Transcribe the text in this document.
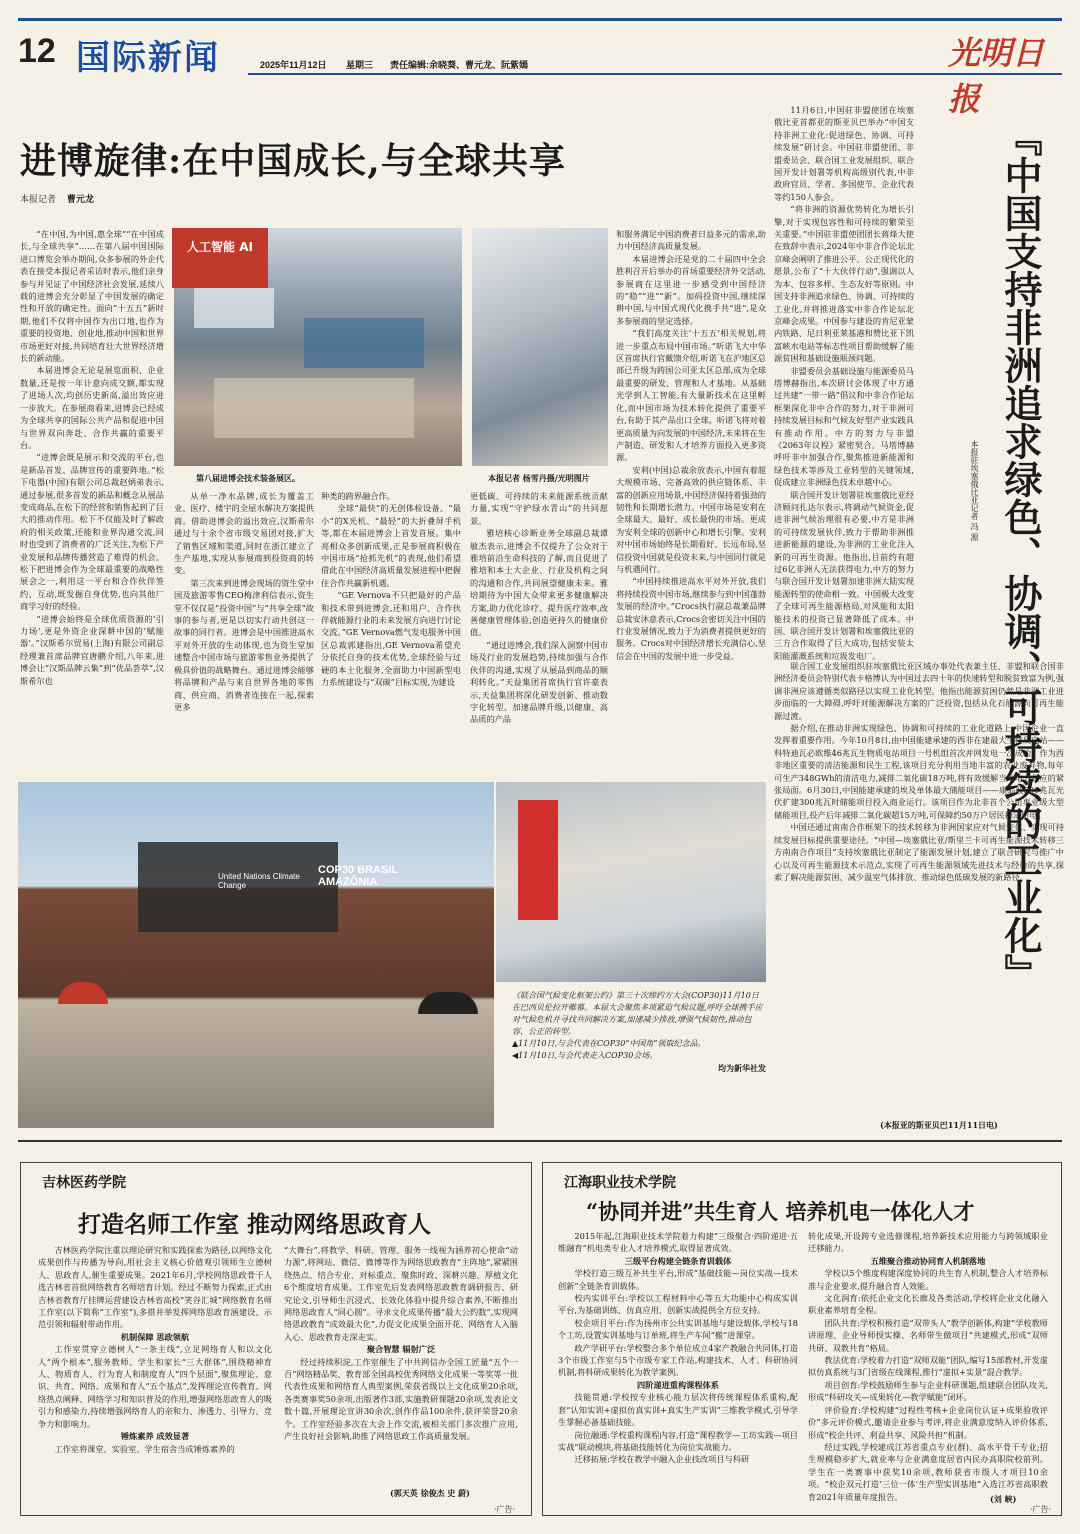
12 国际新闻	2025年11月12日 星期三 责任编辑:余晓葵、曹元龙、阮紫嫣	光明日报
进博旋律:在中国成长,与全球共享
本报记者 曹元龙

“在中国,为中国,惠全球”“在中国成长,与全球共享”……在第八届中国国际进口博览会举办期间,众多参展的外企代表在接受本报记者采访时表示,他们亲身参与并见证了中国经济社会发展,延续八载的进博会充分彰显了中国发展的确定性和开放的确定性。面向“十五五”新时期,他们不仅将中国作为出口地,也作为重要的投资地、创业地,推动中国和世界市场更好对接,共同培育壮大世界经济增长的新动能。

本届进博会无论是展览面积、企业数量,还是按一年计意向成交额,都实现了进场人次,均创历史新高,溢出效应进一步放大。在参展商看来,进博会已经成为全球共享的国际公共产品和促进中国与世界双向奔赴、合作共赢的重要平台。

“进博会既是展示和交流的平台,也是新品首发、品牌宣传的重要阵地。”松下电器(中国)有限公司总裁赵炳弟表示,通过参展,很多首发的新品和概念从展品变成商品,在松下的经营和销售起到了巨大的推动作用。松下不仅能及时了解政府的相关政策,还能和业界沟通交流,同时也受到了消费者的广泛关注,为松下产业发展和品牌传播营造了难得的机会。松下把进博会作为全球最重要的战略性展会之一,利用这一平台和合作伙伴签约、互动,既发掘自身优势,也向其他厂商学习好的经验。

“进博会始终是全球优质资源的‘引力场’,更是外资企业深耕中国的‘赋能器’。”汉斯希尔贸易(上海)有限公司副总经理兼首席品牌官唐鹏介绍,八年来,进博会让“汉斯品牌云集”到“优品荟萃”,汉斯希尔也

第八届进博会技术装备展区。
人工智能 AI
本报记者 杨雪丹摄/光明图片

从单一净水品牌,成长为覆盖工业、医疗、楼宇的全屋水解决方案提供商。借助进博会的溢出效应,汉斯希尔通过与十余个省市级交易团对接,扩大了销售区域和渠道,同时在浙江建立了生产基地,实现从参展商到投资商的转变。

第三次来到进博会现场的资生堂中国及旅游零售CEO梅津利信表示,资生堂不仅仅是“投资中国”与“共享全球”故事的参与者,更是以切实行动共创这一故事的同行者。进博会是中国推进高水平对外开放的生动体现,也为资生堂加速整合中国市场与旅游零售业务提供了极具价值的战略舞台。通过进博会能够将品牌和产品与来自世界各地的零售商、供应商、消费者连接在一起,探索更多

种类的跨界融合作。

全球“最快”的无创体检设备、“最小”的X光机、“最轻”的大折叠屏手机等,都在本届进博会上首发首展。集中亮相众多创新成果,正是参展商积极在中国市场“抢抓先机”的表现,他们希望借此在中国经济高质量发展进程中把握住合作共赢新机遇。

“GE Vernova不只把最好的产品和技术带到进博会,还和用户、合作伙伴就能源行业的未来发展方向进行讨论交流。”GE Vernova燃气发电服务中国区总裁郭建指出,GE Vernova希望充分依托自身的技术优势,全球经验与过硬的本土化服务,全面助力中国新型电力系统建设与“双碳”目标实现,为建设

更低碳、可持续的未来能源系统贡献力量,实现“守护绿水青山”的共同愿景。

雅培核心诊断业务全球副总裁谭敏杰表示,进博会不仅提升了公众对于雅培前沿生命科技的了解,而且促进了雅培和本土大企业、行业及机构之间的沟通和合作,共同展望健康未来。雅培期待为中国大众带来更多健康解决方案,助力优化诊疗、提升医疗效率,改善健康管理体验,创造更持久的健康价值。

“通过进博会,我们深入洞察中国市场及行业的发展趋势,持续加强与合作伙伴的沟通,实现了从展品到商品的顺利转化。”天益集团首席执行官许豪表示,天益集团将深化研发创新、推动数字化转型、加速品牌升级,以健康、高品质的产品

和服务满足中国消费者日益多元的需求,助力中国经济高质量发展。

本届进博会还是党的二十届四中全会胜利召开后举办的首场重要经济外交活动,参展商在这里进一步感受到中国经济的“稳”“进”“新”。加码投资中国,继续深耕中国,与中国式现代化携手共“进”,是众多参展商的坚定选择。

“我们高度关注‘十五五’相关规划,将进一步重点布局中国市场。”昕诺飞大中华区首席执行官戴馈介绍,昕诺飞在沪地区总部已升级为跨国公司亚太区总部,成为全球最重要的研发、管理和人才基地。从基础光学到人工智能,有大量新技术在这里孵化,而中国市场为技术转化提供了重要平台,有助于其产品出口全球。昕诺飞将对着更高质量为向发展的中国经济,未来将在生产制造、研发和人才培养方面投入更多资源。

安利(中国)总裁余放表示,中国有着超大规模市场、完备高效的供应链体系、丰富的创新应用场景,中国经济保持着强劲的韧性和长期增长潜力。中国市场是安利在全球最大、最好、成长最快的市场。更成为安利全球的创新中心和增长引擎。安利对中国市场始终是长期看好、长远布局,坚信投资中国就是投资未来,与中国同行就是与机遇同行。

“中国持续推进高水平对外开放,我们将持续投资中国市场,继续参与到中国蓬勃发展的经济中。”Crocs执行副总裁兼品牌总裁安沐意表示,Crocs会密切关注中国的行业发展情况,致力于为消费者提供更好的服务。Crocs对中国经济增长充满信心,坚信会在中国的发展中进一步受益。

United Nations Climate Change
COP30 BRASIL AMAZÔNIA
《联合国气候变化框架公约》第三十次缔约方大会(COP30)11月10日在巴西贝伦拉开帷幕。本届大会聚焦多项紧迫气候议题,呼吁全球携手应对气候危机并寻找共同解决方案,加速减少排放,增强气候韧性,推动包容、公正的转型。
▲11月10日,与会代表在COP30“中国角”领取纪念品。
◀11月10日,与会代表走入COP30会场。
均为新华社发

11月6日,中国驻非盟使团在埃塞俄比亚首都亚的斯亚贝巴举办“中国支持非洲工业化:促进绿色、协调、可持续发展”研讨会。中国驻非盟使团、非盟委员会、联合国工业发展组织、联合国开发计划署等机构高级别代表,中非政府官员、学者、多国使节、企业代表等约150人参会。

“将非洲的资源优势转化为增长引擎,对于实现包容性和可持续的繁荣至关重要。”中国驻非盟使团团长蒋烽大使在致辞中表示,2024年中非合作论坛北京峰会阐明了推进公平、公正现代化的愿景,公布了“十大伙伴行动”,强调以人为本、包容多样、生态友好等原则。中国支持非洲追求绿色、协调、可持续的工业化,并将推进落实中非合作论坛北京峰会成果。中国参与建设的肯尼亚蒙内铁路、尼日利亚莱基港和赞比亚下凯富峡水电站等标志性项目帮助缓解了能源贫困和基础设施瓶颈问题。

非盟委员会基础设施与能源委员马塔博赫指出,本次研讨会体现了中方通过共建“一带一路”倡议和中非合作论坛框架深化非中合作的努力,对于非洲可持续发展目标和气候友好型产业实践具有推动作用。中方的努力与非盟《2063年议程》紧密契合。马塔博赫呼吁非中加强合作,聚焦推进新能源和绿色技术等涉及工业转型的关键领域,促成建立非洲绿色技术卓越中心。

联合国开发计划署驻埃塞俄比亚经济顾问扎达尔表示,将调动气候资金,促进非洲气候治理很有必要,中方是非洲的可持续发展伙伴,致力于帮助非洲推进新能源的建设,为非洲的工业化注入新的可再生资源。他指出,目前约有超过6亿非洲人无法获得电力,中方的努力与联合国开发计划署加速非洲大陆实现能源转型的使命相一致。中国极大改变了全球可再生能源格局,对风能和太阳能技术的投资已显著降低了成本。中国、联合国开发计划署和埃塞俄比亚的三方合作取得了巨大成功,包括安装太阳能灌溉系统和垃圾发电厂。	『中国支持非洲追求绿色、协调、可持续的工业化』
本报驻埃塞俄比亚记者 冯 源

联合国工业发展组织驻埃塞俄比亚区域办事处代表兼主任、非盟和联合国非洲经济委员会特别代表卡格博认为中国过去四十年的快速转型和脱贫致富为例,强调非洲应该遵循类似路径以实现工业化转型。他指出能源贫困仍然是非洲工业进步面临的一大障碍,呼吁对能源解决方案的广泛投资,包括从化石能源向可再生能源过渡。

据介绍,在推动非洲实现绿色、协调和可持续的工业化道路上,中国企业一直发挥着重要作用。今年10月8日,由中国能建承建的西非在建最大生物质电站——科特迪瓦必欧维46兆瓦生物质电站项目一号机组首次并网发电一次成功。作为西非地区重要的清洁能源和民生工程,该项目充分利用当地丰富的农业废弃物,每年可生产348GWh的清洁电力,减排二氧化碳18万吨,将有效缓解当地电力供应的紧张局面。6月30日,中国能建承建的埃及单体最大储能项目——康翁波500兆瓦光伏扩建300兆瓦时储能项目投入商业运行。该项目作为北非首个公用事业级大型储能项目,投产后年减排二氧化碳超15万吨,可保障约50万户居民稳定用电。

中国还通过南南合作框架下的技术转移为非洲国家应对气候变化、实现可持续发展目标提供重要途径。“中国—埃塞俄比亚/斯里兰卡可再生能源技术转移三方南南合作项目”支持埃塞俄比亚制定了能源发展计划,建立了联合研究与推广中心以及可再生能源技术示范点,实现了可再生能源领域先进技术与经验的共享,探索了解决能源贫困、减少温室气体排放、推动绿色低碳发展的新路径。

(本报亚的斯亚贝巴11月11日电)
吉林医药学院
打造名师工作室 推动网络思政育人

吉林医药学院注重以理论研究和实践探索为路径,以网络文化成果创作与传播为导向,用社会主义核心价值观引领师生立德树人、思政育人,催生重要成果。2021年6月,学校网络思政骨干人选吉林省首批网络教育名师培育计划。经过不断努力探索,正式由吉林省教育厅挂牌运营建设吉林省高校“笑谷汇城”网络教育名师工作室(以下简称“工作室”),多措并举发挥网络思政育涵建设、示范引领和辐射带动作用。

机制保障 思政领航

工作室贯穿立德树人“一条主线”,立足网络育人和以文化人“两个根本”,服务教师、学生和家长“三大群体”,围绕精神育人、物质育人、行为育人和制度育人“四个层面”,聚焦理论、意识、共育、网络、成果和育人“五个基点”,发挥理论宣传教育、网络热点阐释、网络学习和知识普及的作用,增强网络思政育人的吸引力和感染力,持续增强网络育人的亲和力、渗透力、引导力、竞争力和影响力。

锤炼素养 成效显著

工作室将课堂、实验室、学生宿舍当成锤炼素养的

“大舞台”,将教学、科研、管理、服务一线视为涵养初心使命“动力源”,将网站、微信、微博等作为网络思政教育“主阵地”,紧紧围绕热点、结合专业、对标重点、聚焦时政、深耕兴趣、厚植文化6个维度培育成果。工作室先后发表网络思政教育调研报告、研究论文,引导师生沉浸式、长效化体验中提升综合素养,不断推出网络思政育人“同心圆”。寻求文化成果传播“最大公约数”,实现网络思政教育“成效最大化”,力促文化成果全面开花、网络育人入脑入心、思政教育走深走实。

聚合智慧 辐射广泛

经过持续积淀,工作室催生了中共网信办全国工匠量“五个一百”网络精品奖、教育部全国高校优秀网络文化成果一等奖等一批代表性成果和网络育人典型案例,荣获省级以上文化成果20余项,各类赛事奖50余项,出版著作3部,实施教研课题20余项,发表论文数十篇,开展理论宣讲30余次,创作作品100余件,获评荣誉20余个。工作室经验多次在大会上作交流,被相关部门多次推广应用,产生良好社会影响,助推了网络思政工作高质量发展。

(郭天英 徐俊杰 史 蔚)
·广告·
江海职业技术学院
“协同并进”共生育人 培养机电一体化人才

2015年起,江海职业技术学院着力构建“三级聚合·四阶递进·五维融育”机电类专业人才培养模式,取得显著成效。

三级平台构建全链条育训载体

学校打造三级互补共生平台,形成“基础技能—岗位实战—技术创新”全链条育训载体。

校内实训平台:学校以工程材料中心等五大功能中心构成实训平台,为基础训练、仿真应用、创新实战提供全方位支持。

校企项目平台:作为扬州市公共实训基地与建设载体,学校与18个工坊,设置实训基地与订单班,将生产车间“搬”进课堂。

政产学研平台:学校整合多个单位成立4家产教融合共同体,打造3个市级工作室与5个市级专家工作站,构建技术、人才、科研协同机制,将科研成果转化为教学案例。

四阶递进重构课程体系

技能贯通:学校按专业核心能力层次将传统课程体系重构,配套“认知实训+虚拟仿真实训+真实生产实训”三维教学模式,引导学生掌握必备基础技能。

岗位融通:学校重构课程内容,打造“课程教学—工坊实践—项目实战”联动模块,将基础技能转化为岗位实战能力。

迁移拓展:学校在教学中融入企业技改项目与科研

转化成果,开设跨专业选修课程,培养新技术应用能力与跨领域职业迁移能力。

五维聚合推动协同育人机制落地

学校以5个维度构建深度协同的共生育人机制,整合人才培养标准与企业要求,提升融合育人效能。

文化润育:依托企业文化长廊及各类活动,学校将企业文化融入职业素养培育全程。

团队共育:学校积极打造“双带头人”教学创新体,构建“学校教师讲原理、企业导师授实操、名师带生做项目”共建模式,形成“双师共研、双教共育”格局。

教法优育:学校着力打造“双师双能”团队,编写15部教材,开发虚拟仿真系统与3门省级在线课程,推行“虚拟+实景”混合教学。

项目创育:学校鼓励师生参与企业科研课题,组建联合团队攻关,形成“科研攻关—成果转化—教学赋能”闭环。

评价验育:学校构建“过程性考核+企业岗位认证+成果验收评价”多元评价模式,邀请企业参与考评,将企业满意度纳入评价体系,形成“校企共评、利益共享、风险共担”机制。

经过实践,学校建成江苏省重点专业(群)、高水平骨干专业;招生规模稳步扩大,就业率与企业满意度居省内民办高职院校前列。学生在一类赛事中获奖10余项,教师获省市级人才项目10余项。“校企双元打造‘三位一体’生产型实训基地”入选江苏省高职教育2021年质量年度报告。	(刘 峡)
·广告·
